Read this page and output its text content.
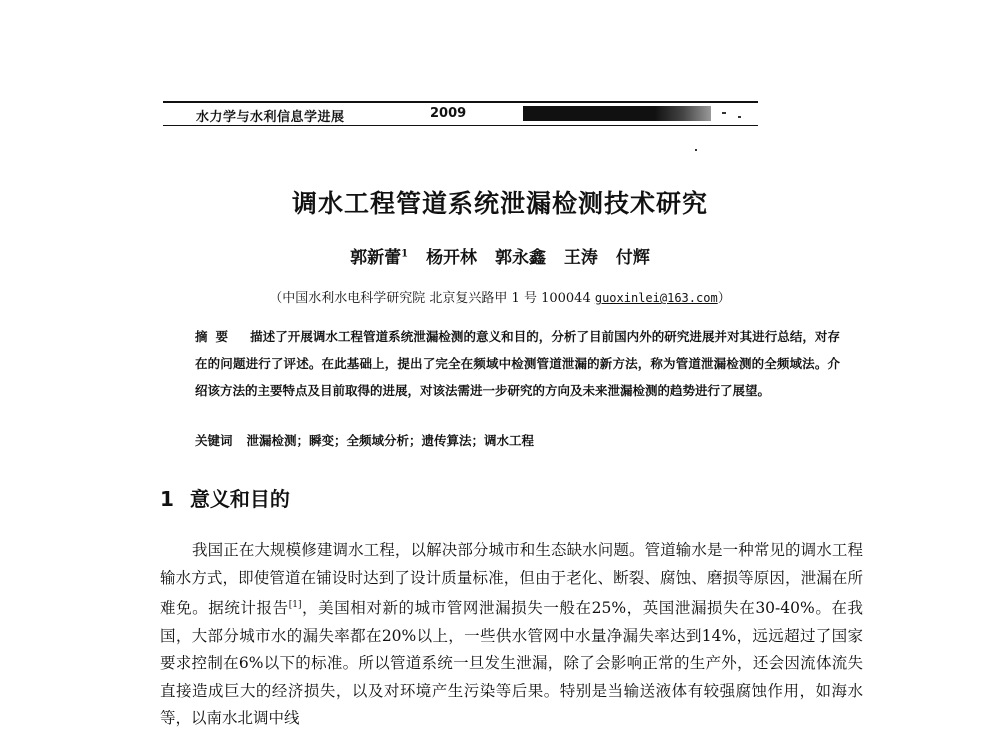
水力学与水利信息学进展	2009
调水工程管道系统泄漏检测技术研究
郭新蕾$^1$ 杨开林 郭永鑫 王涛 付辉
（中国水利水电科学研究院 北京复兴路甲 1 号 100044 guoxinlei@163.com）
摘要 描述了开展调水工程管道系统泄漏检测的意义和目的，分析了目前国内外的研究进展并对其进行总结，对存在的问题进行了评述。在此基础上，提出了完全在频域中检测管道泄漏的新方法，称为管道泄漏检测的全频域法。介绍该方法的主要特点及目前取得的进展，对该法需进一步研究的方向及未来泄漏检测的趋势进行了展望。
关键词 泄漏检测；瞬变；全频域分析；遗传算法；调水工程
1 意义和目的
我国正在大规模修建调水工程，以解决部分城市和生态缺水问题。管道输水是一种常见的调水工程输水方式，即使管道在铺设时达到了设计质量标准，但由于老化、断裂、腐蚀、磨损等原因，泄漏在所难免。据统计报告[1]，美国相对新的城市管网泄漏损失一般在25%，英国泄漏损失在30-40%。在我国，大部分城市水的漏失率都在20%以上，一些供水管网中水量净漏失率达到14%，远远超过了国家要求控制在6%以下的标准。所以管道系统一旦发生泄漏，除了会影响正常的生产外，还会因流体流失直接造成巨大的经济损失，以及对环境产生污染等后果。特别是当输送液体有较强腐蚀作用，如海水等，以南水北调中线
